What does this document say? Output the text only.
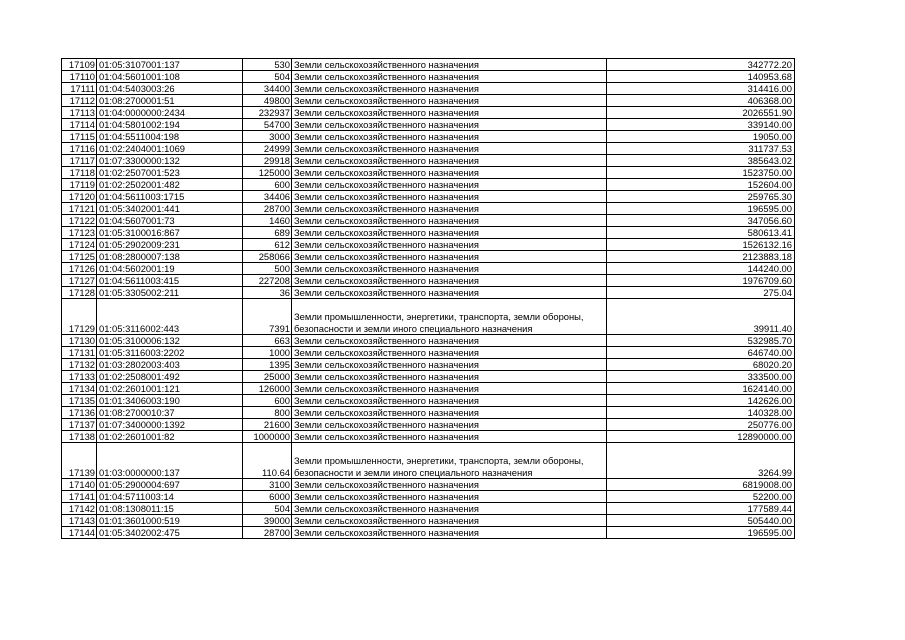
17109	01:05:3107001:137	530	Земли сельскохозяйственного назначения	342772.20
17110	01:04:5601001:108	504	Земли сельскохозяйственного назначения	140953.68
17111	01:04:5403003:26	34400	Земли сельскохозяйственного назначения	314416.00
17112	01:08:2700001:51	49800	Земли сельскохозяйственного назначения	406368.00
17113	01:04:0000000:2434	232937	Земли сельскохозяйственного назначения	2026551.90
17114	01:04:5801002:194	54700	Земли сельскохозяйственного назначения	339140.00
17115	01:04:5511004:198	3000	Земли сельскохозяйственного назначения	19050.00
17116	01:02:2404001:1069	24999	Земли сельскохозяйственного назначения	311737.53
17117	01:07:3300000:132	29918	Земли сельскохозяйственного назначения	385643.02
17118	01:02:2507001:523	125000	Земли сельскохозяйственного назначения	1523750.00
17119	01:02:2502001:482	600	Земли сельскохозяйственного назначения	152604.00
17120	01:04:5611003:1715	34406	Земли сельскохозяйственного назначения	259765.30
17121	01:05:3402001:441	28700	Земли сельскохозяйственного назначения	196595.00
17122	01:04:5607001:73	1460	Земли сельскохозяйственного назначения	347056.60
17123	01:05:3100016:867	689	Земли сельскохозяйственного назначения	580613.41
17124	01:05:2902009:231	612	Земли сельскохозяйственного назначения	1526132.16
17125	01:08:2800007:138	258066	Земли сельскохозяйственного назначения	2123883.18
17126	01:04:5602001:19	500	Земли сельскохозяйственного назначения	144240.00
17127	01:04:5611003:415	227208	Земли сельскохозяйственного назначения	1976709.60
17128	01:05:3305002:211	36	Земли сельскохозяйственного назначения	275.04
17129	01:05:3116002:443	7391	Земли промышленности, энергетики, транспорта, земли обороны, безопасности и земли иного специального назначения	39911.40
17130	01:05:3100006:132	663	Земли сельскохозяйственного назначения	532985.70
17131	01:05:3116003:2202	1000	Земли сельскохозяйственного назначения	646740.00
17132	01:03:2802003:403	1395	Земли сельскохозяйственного назначения	68020.20
17133	01:02:2508001:492	25000	Земли сельскохозяйственного назначения	333500.00
17134	01:02:2601001:121	126000	Земли сельскохозяйственного назначения	1624140.00
17135	01:01:3406003:190	600	Земли сельскохозяйственного назначения	142626.00
17136	01:08:2700010:37	800	Земли сельскохозяйственного назначения	140328.00
17137	01:07:3400000:1392	21600	Земли сельскохозяйственного назначения	250776.00
17138	01:02:2601001:82	1000000	Земли сельскохозяйственного назначения	12890000.00
17139	01:03:0000000:137	110.64	Земли промышленности, энергетики, транспорта, земли обороны, безопасности и земли иного специального назначения	3264.99
17140	01:05:2900004:697	3100	Земли сельскохозяйственного назначения	6819008.00
17141	01:04:5711003:14	6000	Земли сельскохозяйственного назначения	52200.00
17142	01:08:1308011:15	504	Земли сельскохозяйственного назначения	177589.44
17143	01:01:3601000:519	39000	Земли сельскохозяйственного назначения	505440.00
17144	01:05:3402002:475	28700	Земли сельскохозяйственного назначения	196595.00
